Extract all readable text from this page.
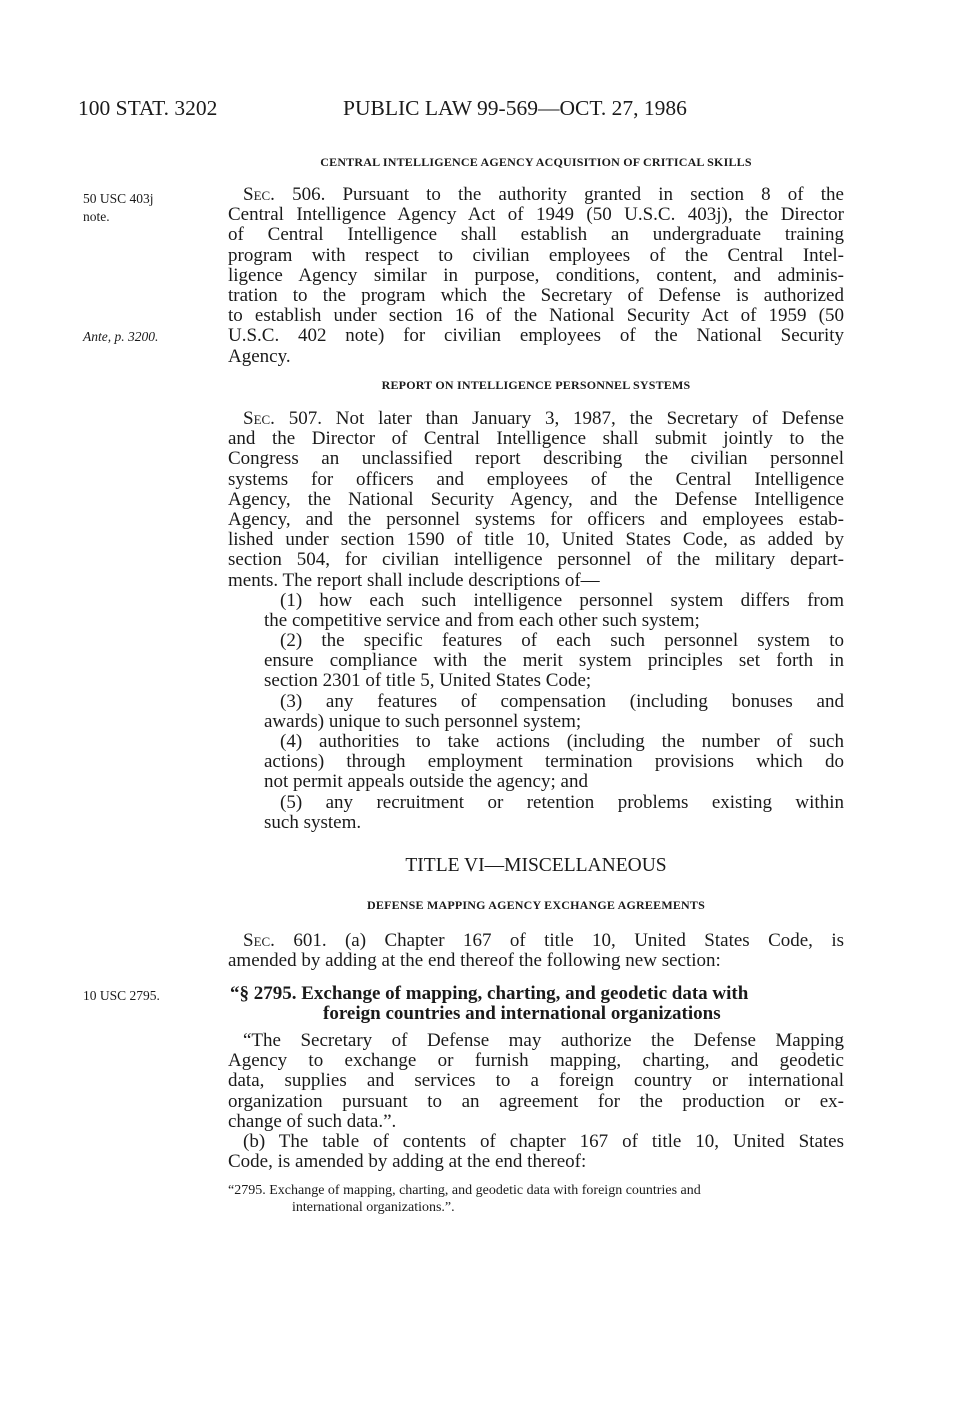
100 STAT. 3202	PUBLIC LAW 99-569—OCT. 27, 1986
50 USC 403j
note.
Ante, p. 3200.
10 USC 2795.
CENTRAL INTELLIGENCE AGENCY ACQUISITION OF CRITICAL SKILLS
Sec. 506. Pursuant to the authority granted in section 8 of the
Central Intelligence Agency Act of 1949 (50 U.S.C. 403j), the Director
of Central Intelligence shall establish an undergraduate training
program with respect to civilian employees of the Central Intel-
ligence Agency similar in purpose, conditions, content, and adminis-
tration to the program which the Secretary of Defense is authorized
to establish under section 16 of the National Security Act of 1959 (50
U.S.C. 402 note) for civilian employees of the National Security
Agency.
REPORT ON INTELLIGENCE PERSONNEL SYSTEMS
Sec. 507. Not later than January 3, 1987, the Secretary of Defense
and the Director of Central Intelligence shall submit jointly to the
Congress an unclassified report describing the civilian personnel
systems for officers and employees of the Central Intelligence
Agency, the National Security Agency, and the Defense Intelligence
Agency, and the personnel systems for officers and employees estab-
lished under section 1590 of title 10, United States Code, as added by
section 504, for civilian intelligence personnel of the military depart-
ments. The report shall include descriptions of—
(1) how each such intelligence personnel system differs from
the competitive service and from each other such system;
(2) the specific features of each such personnel system to
ensure compliance with the merit system principles set forth in
section 2301 of title 5, United States Code;
(3) any features of compensation (including bonuses and
awards) unique to such personnel system;
(4) authorities to take actions (including the number of such
actions) through employment termination provisions which do
not permit appeals outside the agency; and
(5) any recruitment or retention problems existing within
such system.
TITLE VI—MISCELLANEOUS
DEFENSE MAPPING AGENCY EXCHANGE AGREEMENTS
Sec. 601. (a) Chapter 167 of title 10, United States Code, is
amended by adding at the end thereof the following new section:
“§ 2795. Exchange of mapping, charting, and geodetic data with
foreign countries and international organizations
“The Secretary of Defense may authorize the Defense Mapping
Agency to exchange or furnish mapping, charting, and geodetic
data, supplies and services to a foreign country or international
organization pursuant to an agreement for the production or ex-
change of such data.”.
(b) The table of contents of chapter 167 of title 10, United States
Code, is amended by adding at the end thereof:
“2795. Exchange of mapping, charting, and geodetic data with foreign countries and
international organizations.”.
